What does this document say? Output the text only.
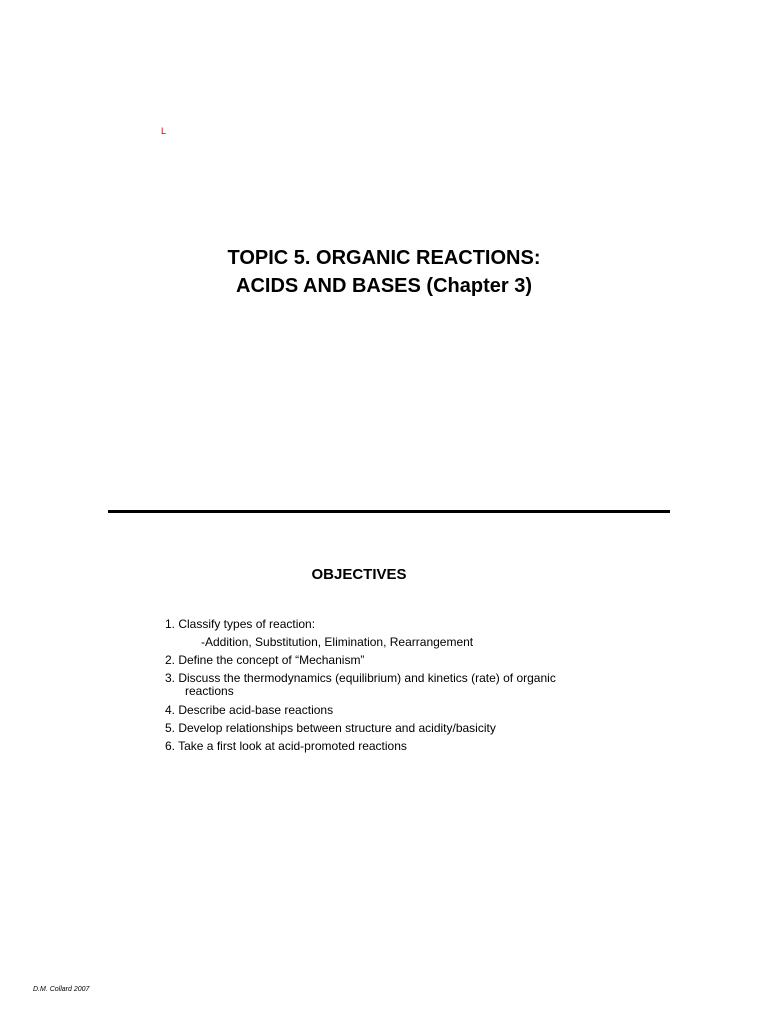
L
TOPIC 5. ORGANIC REACTIONS:
ACIDS AND BASES (Chapter 3)
OBJECTIVES
1. Classify types of reaction:
-Addition, Substitution, Elimination, Rearrangement
2. Define the concept of “Mechanism”
3. Discuss the thermodynamics (equilibrium) and kinetics (rate) of organic
reactions
4. Describe acid-base reactions
5. Develop relationships between structure and acidity/basicity
6. Take a first look at acid-promoted reactions
D.M. Collard 2007
